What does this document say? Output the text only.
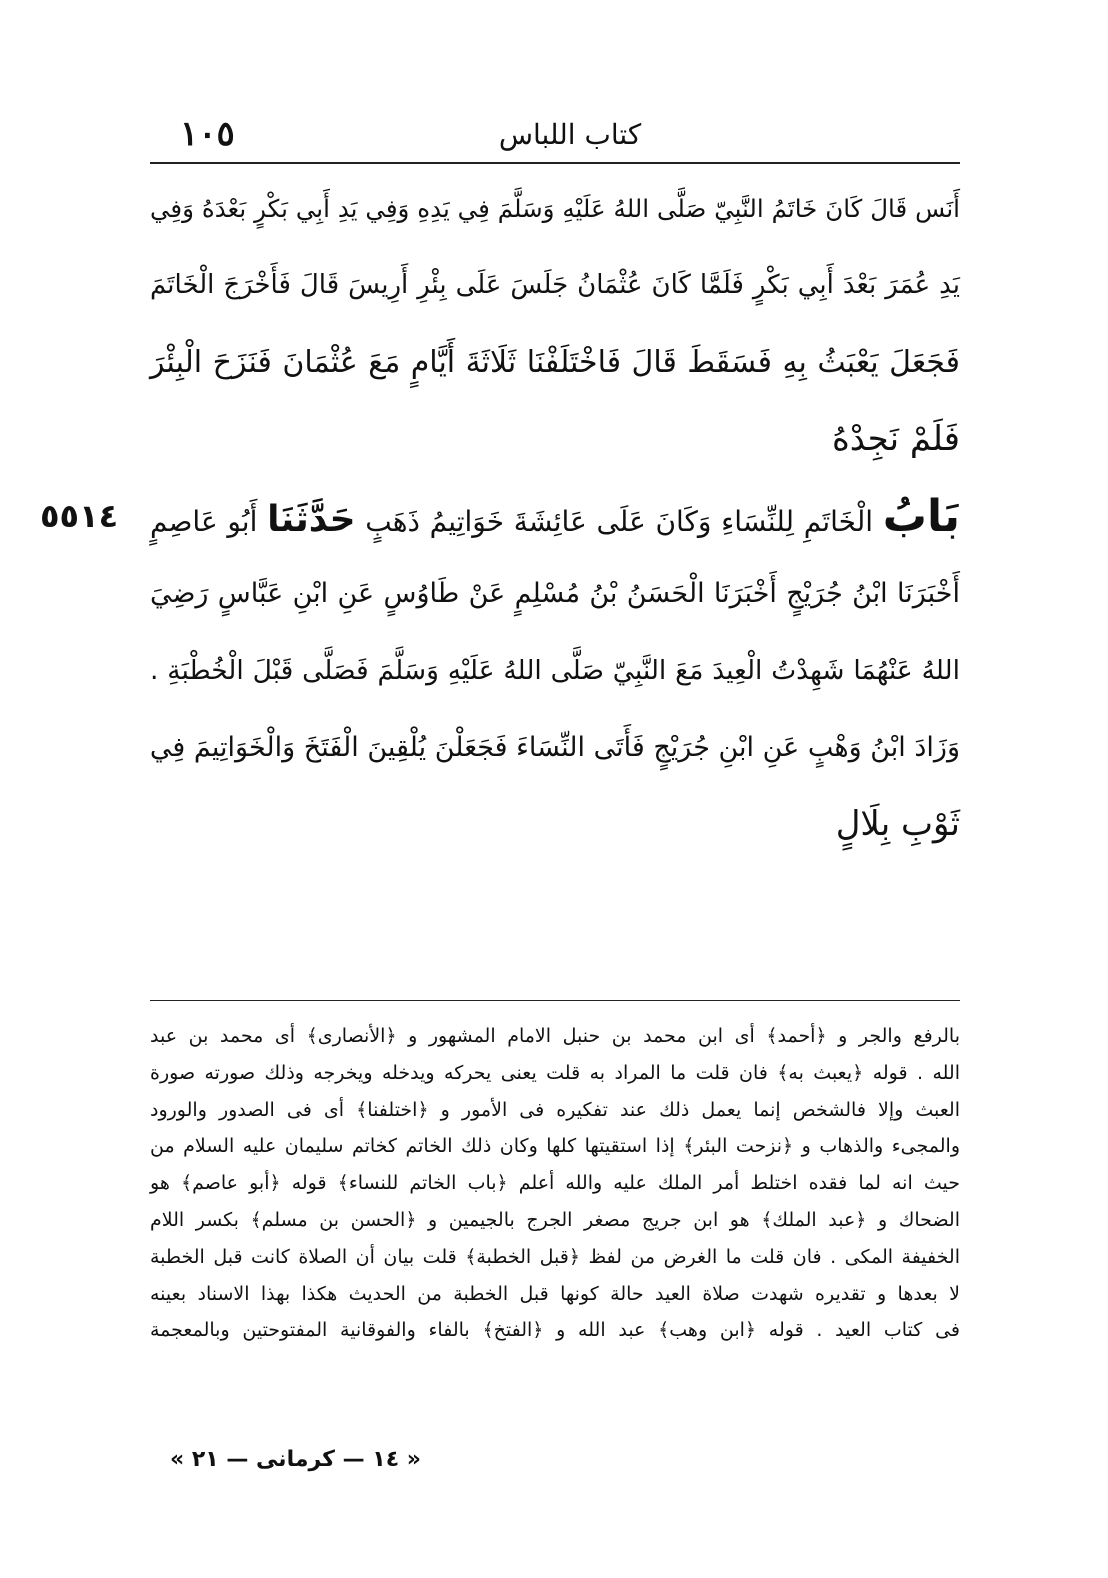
١٠٥	كتاب اللباس
أَنَس قَالَ كَانَ خَاتَمُ النَّبِيّ صَلَّى اللهُ عَلَيْهِ وَسَلَّمَ فِي يَدِهِ وَفِي يَدِ أَبِي بَكْرٍ بَعْدَهُ وَفِي
يَدِ عُمَرَ بَعْدَ أَبِي بَكْرٍ فَلَمَّا كَانَ عُثْمَانُ جَلَسَ عَلَى بِئْرِ أَرِيسَ قَالَ فَأَخْرَجَ الْخَاتَمَ
فَجَعَلَ يَعْبَثُ بِهِ فَسَقَطَ قَالَ فَاخْتَلَفْنَا ثَلَاثَةَ أَيَّامٍ مَعَ عُثْمَانَ فَنَزَحَ الْبِئْرَ
فَلَمْ نَجِدْهُ
بَابُ الْخَاتَمِ لِلنِّسَاءِ وَكَانَ عَلَى عَائِشَةَ خَوَاتِيمُ ذَهَبٍ حَدَّثَنَا أَبُو عَاصِمٍ
٥٥١٤
أَخْبَرَنَا ابْنُ جُرَيْجٍ أَخْبَرَنَا الْحَسَنُ بْنُ مُسْلِمٍ عَنْ طَاوُسٍ عَنِ ابْنِ عَبَّاسٍ رَضِيَ
اللهُ عَنْهُمَا شَهِدْتُ الْعِيدَ مَعَ النَّبِيّ صَلَّى اللهُ عَلَيْهِ وَسَلَّمَ فَصَلَّى قَبْلَ الْخُطْبَةِ .
وَزَادَ ابْنُ وَهْبٍ عَنِ ابْنِ جُرَيْجٍ فَأَتَى النِّسَاءَ فَجَعَلْنَ يُلْقِينَ الْفَتَخَ وَالْخَوَاتِيمَ فِي
ثَوْبِ بِلَالٍ
بالرفع والجر و ﴿أحمد﴾ أى ابن محمد بن حنبل الامام المشهور و ﴿الأنصارى﴾ أى محمد بن عبد
الله . قوله ﴿يعبث به﴾ فان قلت ما المراد به قلت يعنى يحركه ويدخله ويخرجه وذلك صورته صورة
العبث وإلا فالشخص إنما يعمل ذلك عند تفكيره فى الأمور و ﴿اختلفنا﴾ أى فى الصدور والورود
والمجىء والذهاب و ﴿نزحت البئر﴾ إذا استقيتها كلها وكان ذلك الخاتم كخاتم سليمان عليه السلام من
حيث انه لما فقده اختلط أمر الملك عليه والله أعلم ﴿باب الخاتم للنساء﴾ قوله ﴿أبو عاصم﴾ هو
الضحاك و ﴿عبد الملك﴾ هو ابن جريج مصغر الجرج بالجيمين و ﴿الحسن بن مسلم﴾ بكسر اللام
الخفيفة المكى . فان قلت ما الغرض من لفظ ﴿قبل الخطبة﴾ قلت بيان أن الصلاة كانت قبل الخطبة
لا بعدها و تقديره شهدت صلاة العيد حالة كونها قبل الخطبة من الحديث هكذا بهذا الاسناد بعينه
فى كتاب العيد . قوله ﴿ابن وهب﴾ عبد الله و ﴿الفتخ﴾ بالفاء والفوقانية المفتوحتين وبالمعجمة
« ١٤ — كرمانى — ٢١ »
